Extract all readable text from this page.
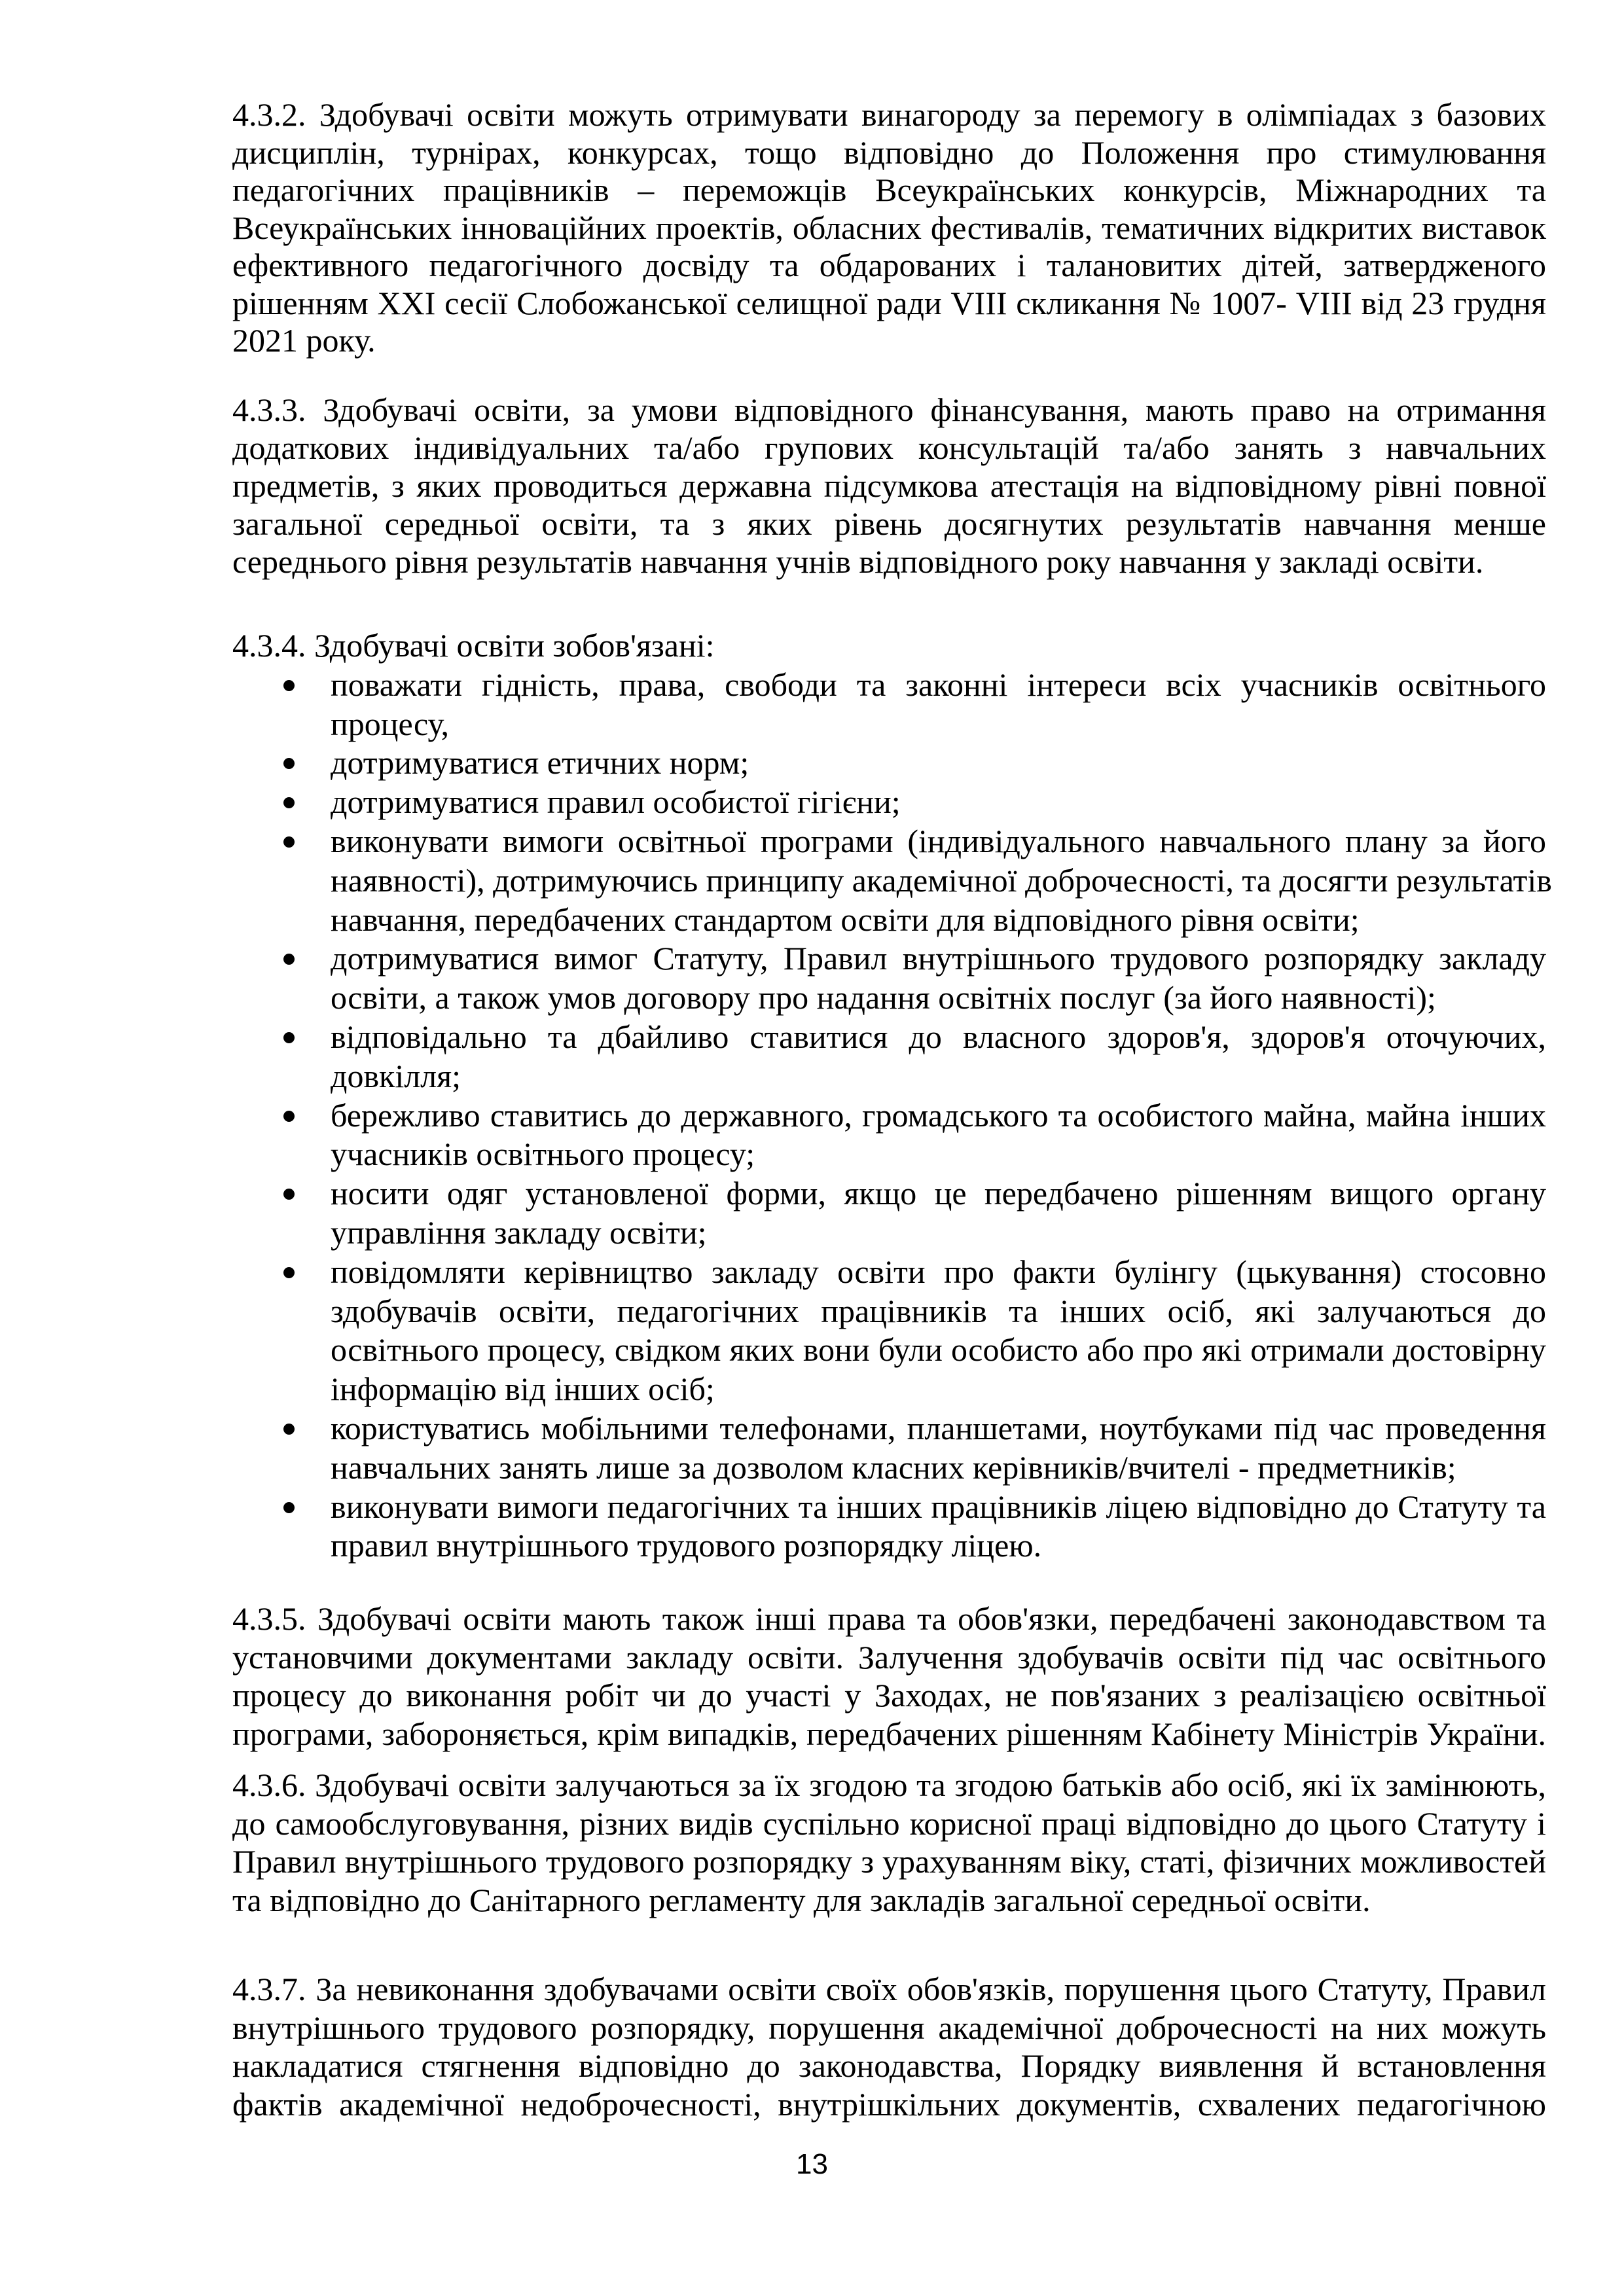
4.3.2. Здобувачі освіти можуть отримувати винагороду за перемогу в олімпіадах з базових
дисциплін, турнірах, конкурсах, тощо відповідно до Положення про стимулювання
педагогічних працівників – переможців Всеукраїнських конкурсів, Міжнародних та
Всеукраїнських інноваційних проектів, обласних фестивалів, тематичних відкритих виставок
ефективного педагогічного досвіду та обдарованих і талановитих дітей, затвердженого
рішенням XXI сесії Слобожанської селищної ради VIII скликання № 1007- VIII від 23 грудня
2021 року.
4.3.3. Здобувачі освіти, за умови відповідного фінансування, мають право на отримання
додаткових індивідуальних та/або групових консультацій та/або занять з навчальних
предметів, з яких проводиться державна підсумкова атестація на відповідному рівні повної
загальної середньої освіти, та з яких рівень досягнутих результатів навчання менше
середнього рівня результатів навчання учнів відповідного року навчання у закладі освіти.
4.3.4. Здобувачі освіти зобов'язані:
поважати гідність, права, свободи та законні інтереси всіх учасників освітнього
процесу,
дотримуватися етичних норм;
дотримуватися правил особистої гігієни;
виконувати вимоги освітньої програми (індивідуального навчального плану за його
наявності), дотримуючись принципу академічної доброчесності, та досягти результатів
навчання, передбачених стандартом освіти для відповідного рівня освіти;
дотримуватися вимог Статуту, Правил внутрішнього трудового розпорядку закладу
освіти, а також умов договору про надання освітніх послуг (за його наявності);
відповідально та дбайливо ставитися до власного здоров'я, здоров'я оточуючих,
довкілля;
бережливо ставитись до державного, громадського та особистого майна, майна інших
учасників освітнього процесу;
носити одяг установленої форми, якщо це передбачено рішенням вищого органу
управління закладу освіти;
повідомляти керівництво закладу освіти про факти булінгу (цькування) стосовно
здобувачів освіти, педагогічних працівників та інших осіб, які залучаються до
освітнього процесу, свідком яких вони були особисто або про які отримали достовірну
інформацію від інших осіб;
користуватись мобільними телефонами, планшетами, ноутбуками під час проведення
навчальних занять лише за дозволом класних керівників/вчителі - предметників;
виконувати вимоги педагогічних та інших працівників ліцею відповідно до Статуту та
правил внутрішнього трудового розпорядку ліцею.
4.3.5. Здобувачі освіти мають також інші права та обов'язки, передбачені законодавством та
установчими документами закладу освіти. Залучення здобувачів освіти під час освітнього
процесу до виконання робіт чи до участі у Заходах, не пов'язаних з реалізацією освітньої
програми, забороняється, крім випадків, передбачених рішенням Кабінету Міністрів України.
4.3.6. Здобувачі освіти залучаються за їх згодою та згодою батьків або осіб, які їх замінюють,
до самообслуговування, різних видів суспільно корисної праці відповідно до цього Статуту і
Правил внутрішнього трудового розпорядку з урахуванням віку, статі, фізичних можливостей
та відповідно до Санітарного регламенту для закладів загальної середньої освіти.
4.3.7. За невиконання здобувачами освіти своїх обов'язків, порушення цього Статуту, Правил
внутрішнього трудового розпорядку, порушення академічної доброчесності на них можуть
накладатися стягнення відповідно до законодавства, Порядку виявлення й встановлення
фактів академічної недоброчесності, внутрішкільних документів, схвалених педагогічною
13
